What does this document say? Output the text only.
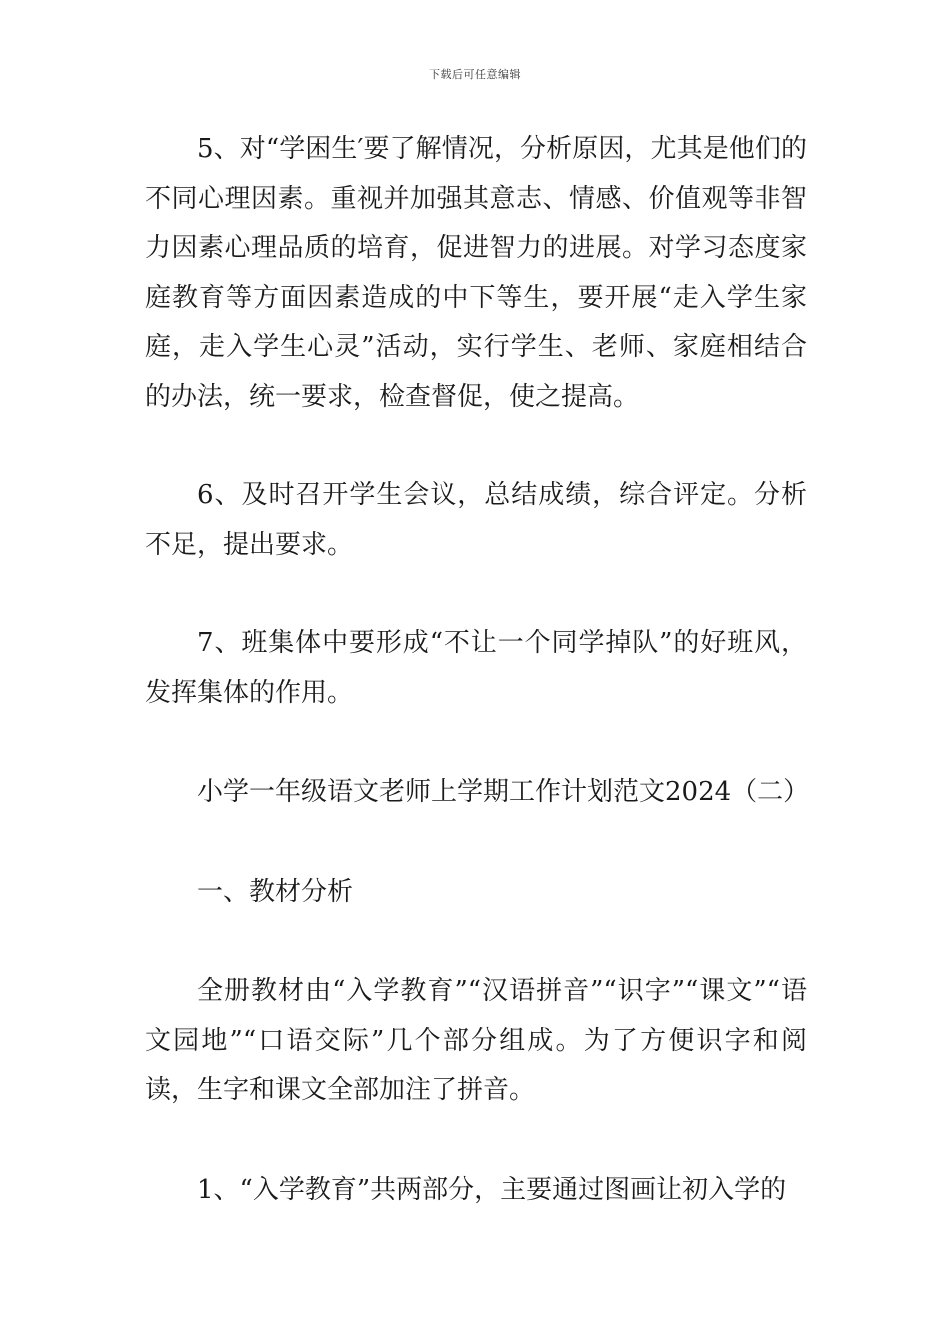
下载后可任意编辑

5、对“学困生′要了解情况，分析原因，尤其是他们的不同心理因素。重视并加强其意志、情感、价值观等非智力因素心理品质的培育，促进智力的进展。对学习态度家庭教育等方面因素造成的中下等生，要开展“走入学生家庭，走入学生心灵”活动，实行学生、老师、家庭相结合的办法，统一要求，检查督促，使之提高。

6、及时召开学生会议，总结成绩，综合评定。分析不足，提出要求。

7、班集体中要形成“不让一个同学掉队”的好班风，发挥集体的作用。

小学一年级语文老师上学期工作计划范文2024（二）

一、教材分析

全册教材由“入学教育”“汉语拼音”“识字”“课文”“语文园地”“口语交际”几个部分组成。为了方便识字和阅读，生字和课文全部加注了拼音。

1、“入学教育”共两部分，主要通过图画让初入学的
